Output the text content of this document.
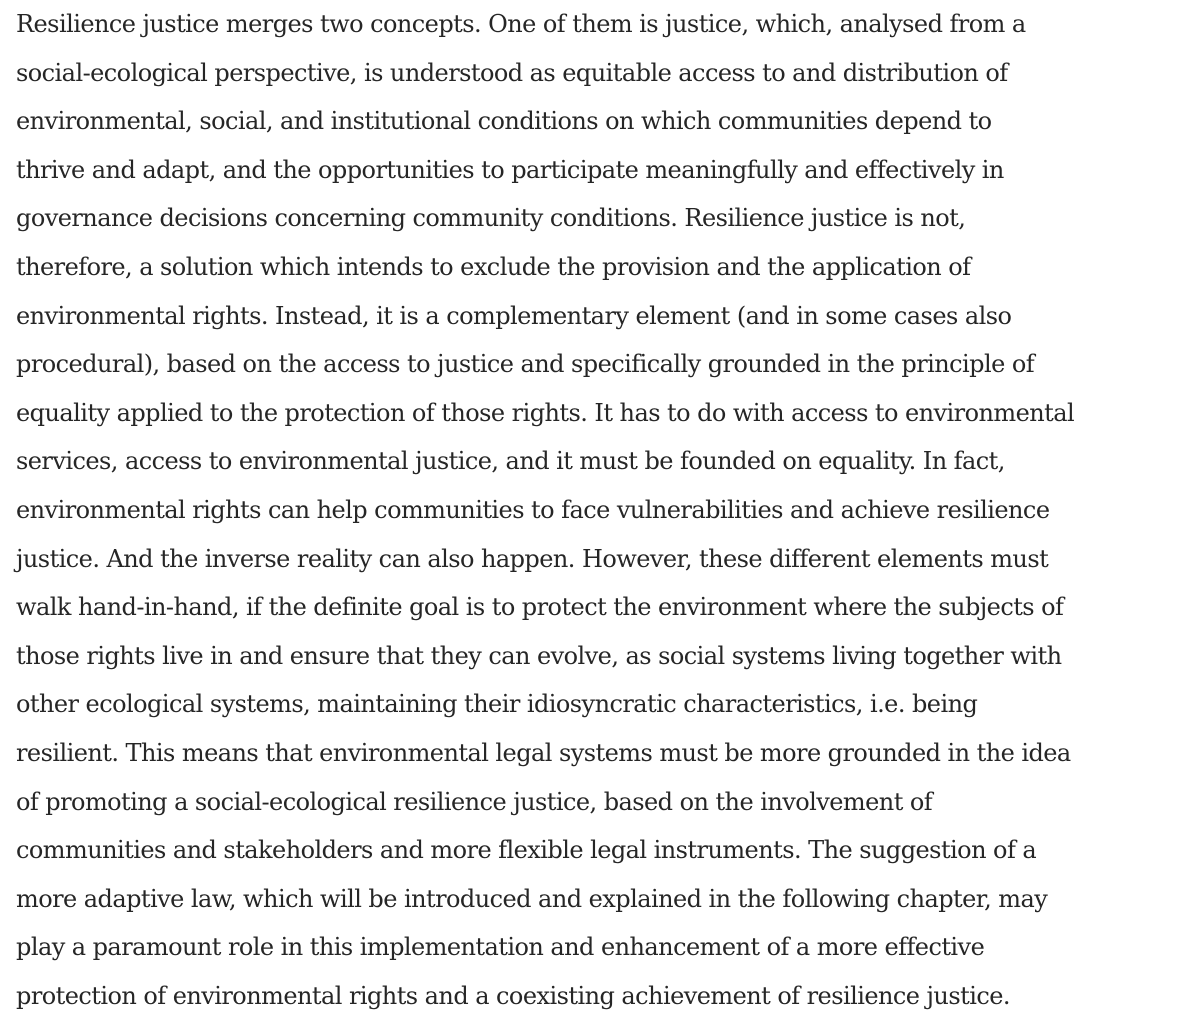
Resilience justice merges two concepts. One of them is justice, which, analysed from a
social-ecological perspective, is understood as equitable access to and distribution of
environmental, social, and institutional conditions on which communities depend to
thrive and adapt, and the opportunities to participate meaningfully and effectively in
governance decisions concerning community conditions. Resilience justice is not,
therefore, a solution which intends to exclude the provision and the application of
environmental rights. Instead, it is a complementary element (and in some cases also
procedural), based on the access to justice and specifically grounded in the principle of
equality applied to the protection of those rights. It has to do with access to environmental
services, access to environmental justice, and it must be founded on equality. In fact,
environmental rights can help communities to face vulnerabilities and achieve resilience
justice. And the inverse reality can also happen. However, these different elements must
walk hand-in-hand, if the definite goal is to protect the environment where the subjects of
those rights live in and ensure that they can evolve, as social systems living together with
other ecological systems, maintaining their idiosyncratic characteristics, i.e. being
resilient. This means that environmental legal systems must be more grounded in the idea
of promoting a social-ecological resilience justice, based on the involvement of
communities and stakeholders and more flexible legal instruments. The suggestion of a
more adaptive law, which will be introduced and explained in the following chapter, may
play a paramount role in this implementation and enhancement of a more effective
protection of environmental rights and a coexisting achievement of resilience justice.
